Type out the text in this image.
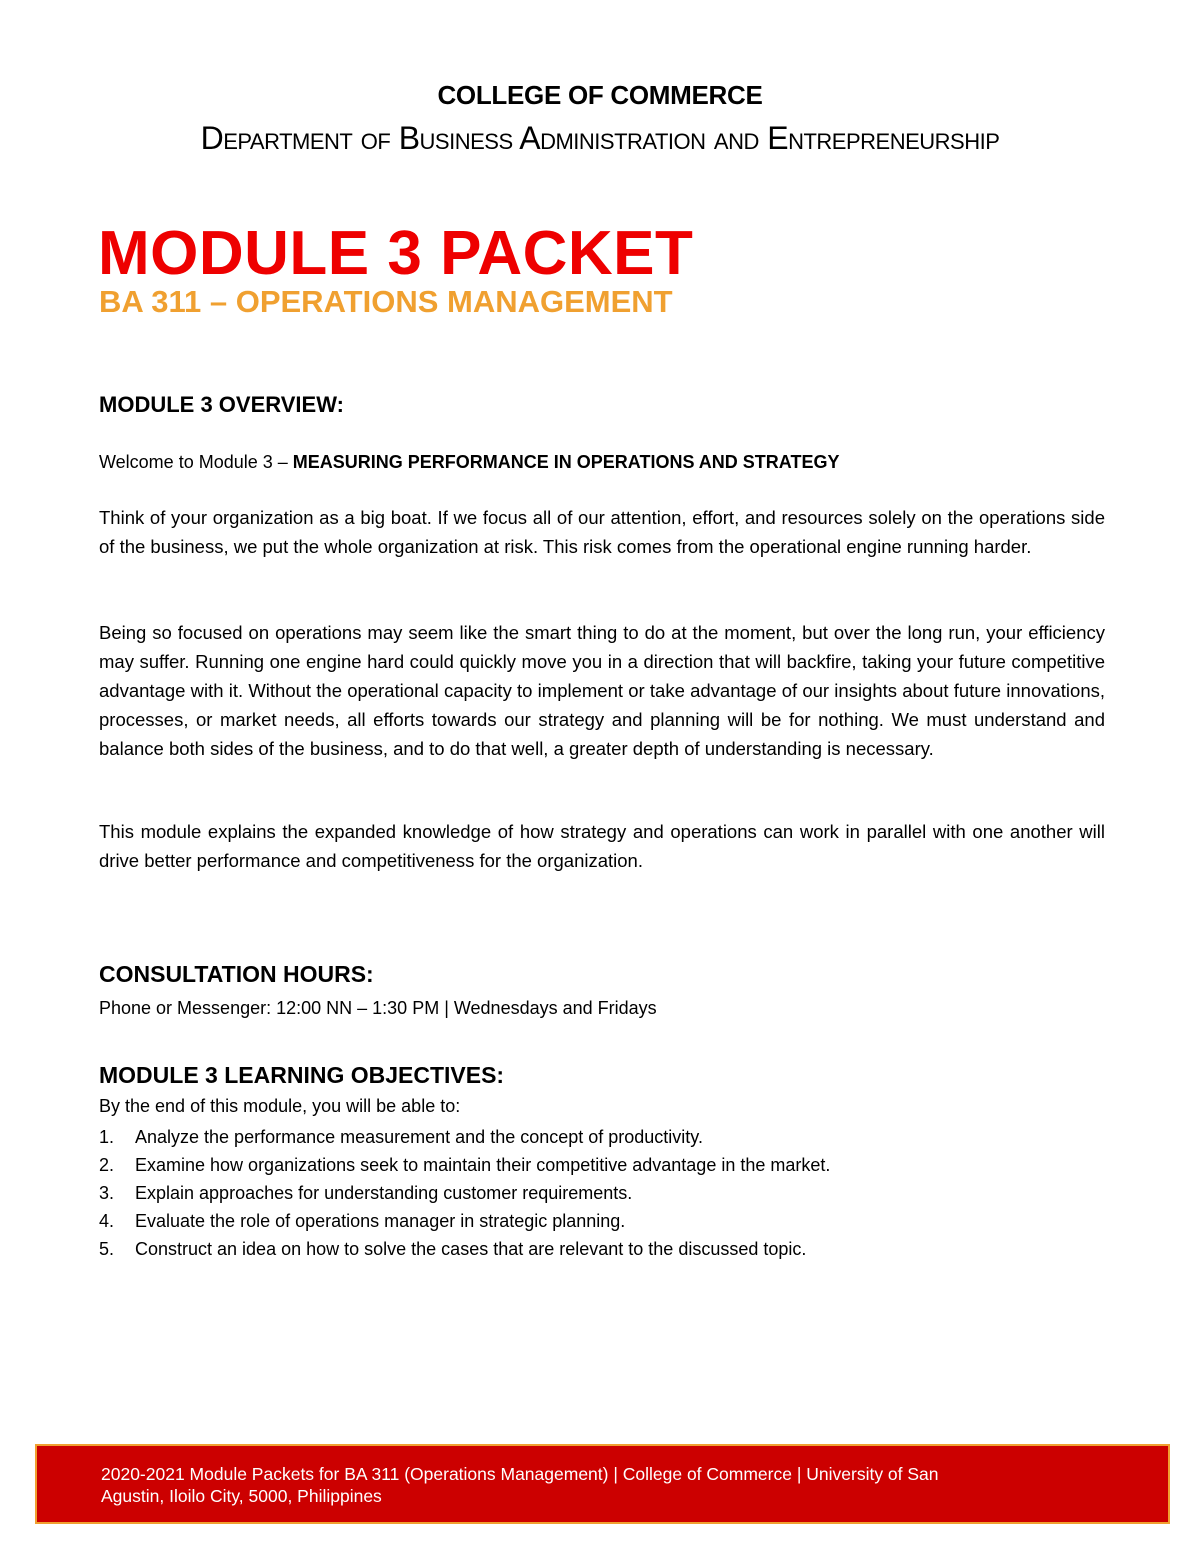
COLLEGE OF COMMERCE
Department of Business Administration and Entrepreneurship
MODULE 3 PACKET
BA 311 – OPERATIONS MANAGEMENT
MODULE 3 OVERVIEW:
Welcome to Module 3 – MEASURING PERFORMANCE IN OPERATIONS AND STRATEGY

Think of your organization as a big boat. If we focus all of our attention, effort, and resources solely on the operations side of the business, we put the whole organization at risk. This risk comes from the operational engine running harder.

Being so focused on operations may seem like the smart thing to do at the moment, but over the long run, your efficiency may suffer. Running one engine hard could quickly move you in a direction that will backfire, taking your future competitive advantage with it. Without the operational capacity to implement or take advantage of our insights about future innovations, processes, or market needs, all efforts towards our strategy and planning will be for nothing. We must understand and balance both sides of the business, and to do that well, a greater depth of understanding is necessary.

This module explains the expanded knowledge of how strategy and operations can work in parallel with one another will drive better performance and competitiveness for the organization.

CONSULTATION HOURS:
Phone or Messenger: 12:00 NN – 1:30 PM | Wednesdays and Fridays
MODULE 3 LEARNING OBJECTIVES:
By the end of this module, you will be able to:
1.	Analyze the performance measurement and the concept of productivity.
2.	Examine how organizations seek to maintain their competitive advantage in the market.
3.	Explain approaches for understanding customer requirements.
4.	Evaluate the role of operations manager in strategic planning.
5.	Construct an idea on how to solve the cases that are relevant to the discussed topic.
2020-2021 Module Packets for BA 311 (Operations Management) | College of Commerce | University of San
Agustin, Iloilo City, 5000, Philippines
